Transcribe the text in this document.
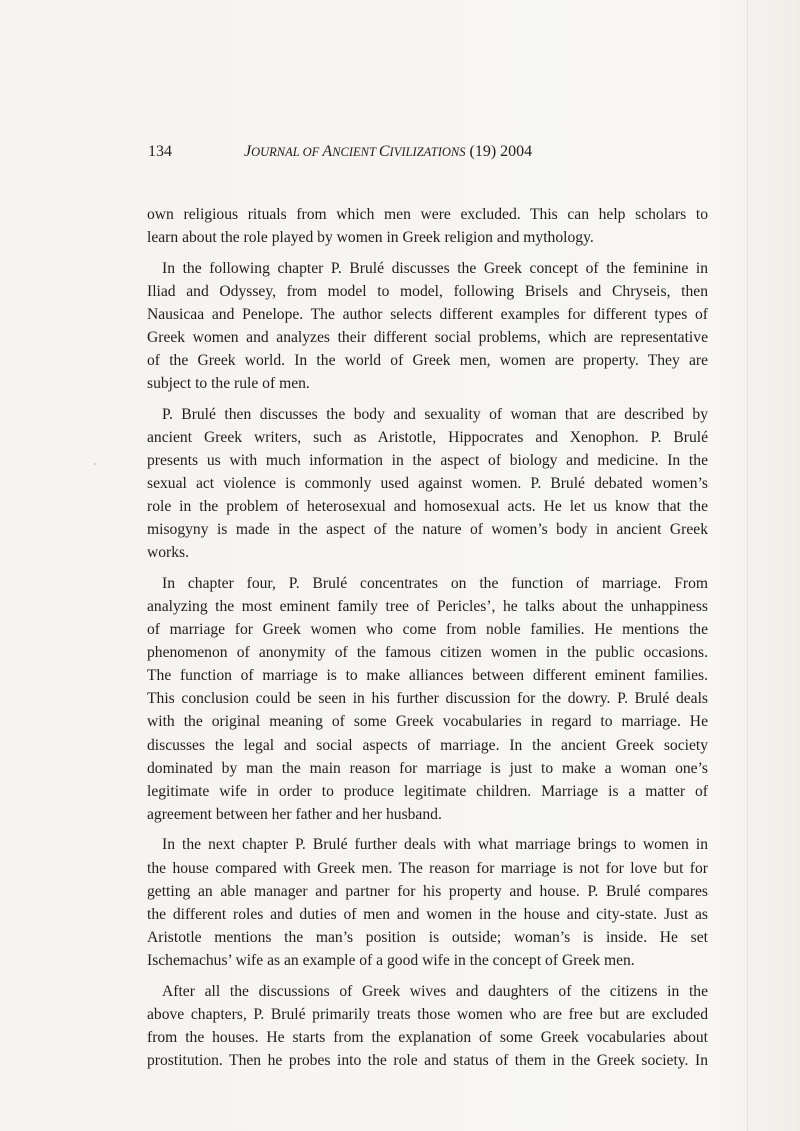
134	JOURNAL OF ANCIENT CIVILIZATIONS (19) 2004
own religious rituals from which men were excluded. This can help scholars to
learn about the role played by women in Greek religion and mythology.
In the following chapter P. Brulé discusses the Greek concept of the feminine in
Iliad and Odyssey, from model to model, following Brisels and Chryseis, then
Nausicaa and Penelope. The author selects different examples for different types of
Greek women and analyzes their different social problems, which are representative
of the Greek world. In the world of Greek men, women are property. They are
subject to the rule of men.
P. Brulé then discusses the body and sexuality of woman that are described by
ancient Greek writers, such as Aristotle, Hippocrates and Xenophon. P. Brulé
presents us with much information in the aspect of biology and medicine. In the
sexual act violence is commonly used against women. P. Brulé debated women’s
role in the problem of heterosexual and homosexual acts. He let us know that the
misogyny is made in the aspect of the nature of women’s body in ancient Greek
works.
In chapter four, P. Brulé concentrates on the function of marriage. From
analyzing the most eminent family tree of Pericles’, he talks about the unhappiness
of marriage for Greek women who come from noble families. He mentions the
phenomenon of anonymity of the famous citizen women in the public occasions.
The function of marriage is to make alliances between different eminent families.
This conclusion could be seen in his further discussion for the dowry. P. Brulé deals
with the original meaning of some Greek vocabularies in regard to marriage. He
discusses the legal and social aspects of marriage. In the ancient Greek society
dominated by man the main reason for marriage is just to make a woman one’s
legitimate wife in order to produce legitimate children. Marriage is a matter of
agreement between her father and her husband.
In the next chapter P. Brulé further deals with what marriage brings to women in
the house compared with Greek men. The reason for marriage is not for love but for
getting an able manager and partner for his property and house. P. Brulé compares
the different roles and duties of men and women in the house and city-state. Just as
Aristotle mentions the man’s position is outside; woman’s is inside. He set
Ischemachus’ wife as an example of a good wife in the concept of Greek men.
After all the discussions of Greek wives and daughters of the citizens in the
above chapters, P. Brulé primarily treats those women who are free but are excluded
from the houses. He starts from the explanation of some Greek vocabularies about
prostitution. Then he probes into the role and status of them in the Greek society. In
